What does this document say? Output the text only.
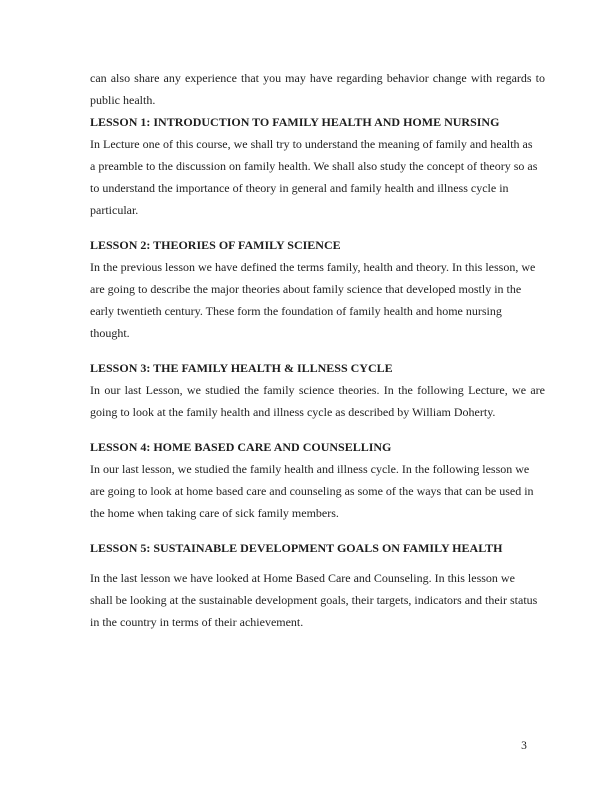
can also share any experience that you may have regarding behavior change with regards to
public health.
LESSON 1: INTRODUCTION TO FAMILY HEALTH AND HOME NURSING
In Lecture one of this course, we shall try to understand the meaning of family and health as
a preamble to the discussion on family health. We shall also study the concept of theory so as
to understand the importance of theory in general and family health and illness cycle in
particular.
LESSON 2: THEORIES OF FAMILY SCIENCE
In the previous lesson we have defined the terms family, health and theory. In this lesson, we
are going to describe the major theories about family science that developed mostly in the
early twentieth century. These form the foundation of family health and home nursing
thought.
LESSON 3: THE FAMILY HEALTH & ILLNESS CYCLE
In our last Lesson, we studied the family science theories. In the following Lecture, we are
going to look at the family health and illness cycle as described by William Doherty.
LESSON 4: HOME BASED CARE AND COUNSELLING
In our last lesson, we studied the family health and illness cycle. In the following lesson we
are going to look at home based care and counseling as some of the ways that can be used in
the home when taking care of sick family members.
LESSON 5: SUSTAINABLE DEVELOPMENT GOALS ON FAMILY HEALTH
In the last lesson we have looked at Home Based Care and Counseling. In this lesson we
shall be looking at the sustainable development goals, their targets, indicators and their status
in the country in terms of their achievement.
3
